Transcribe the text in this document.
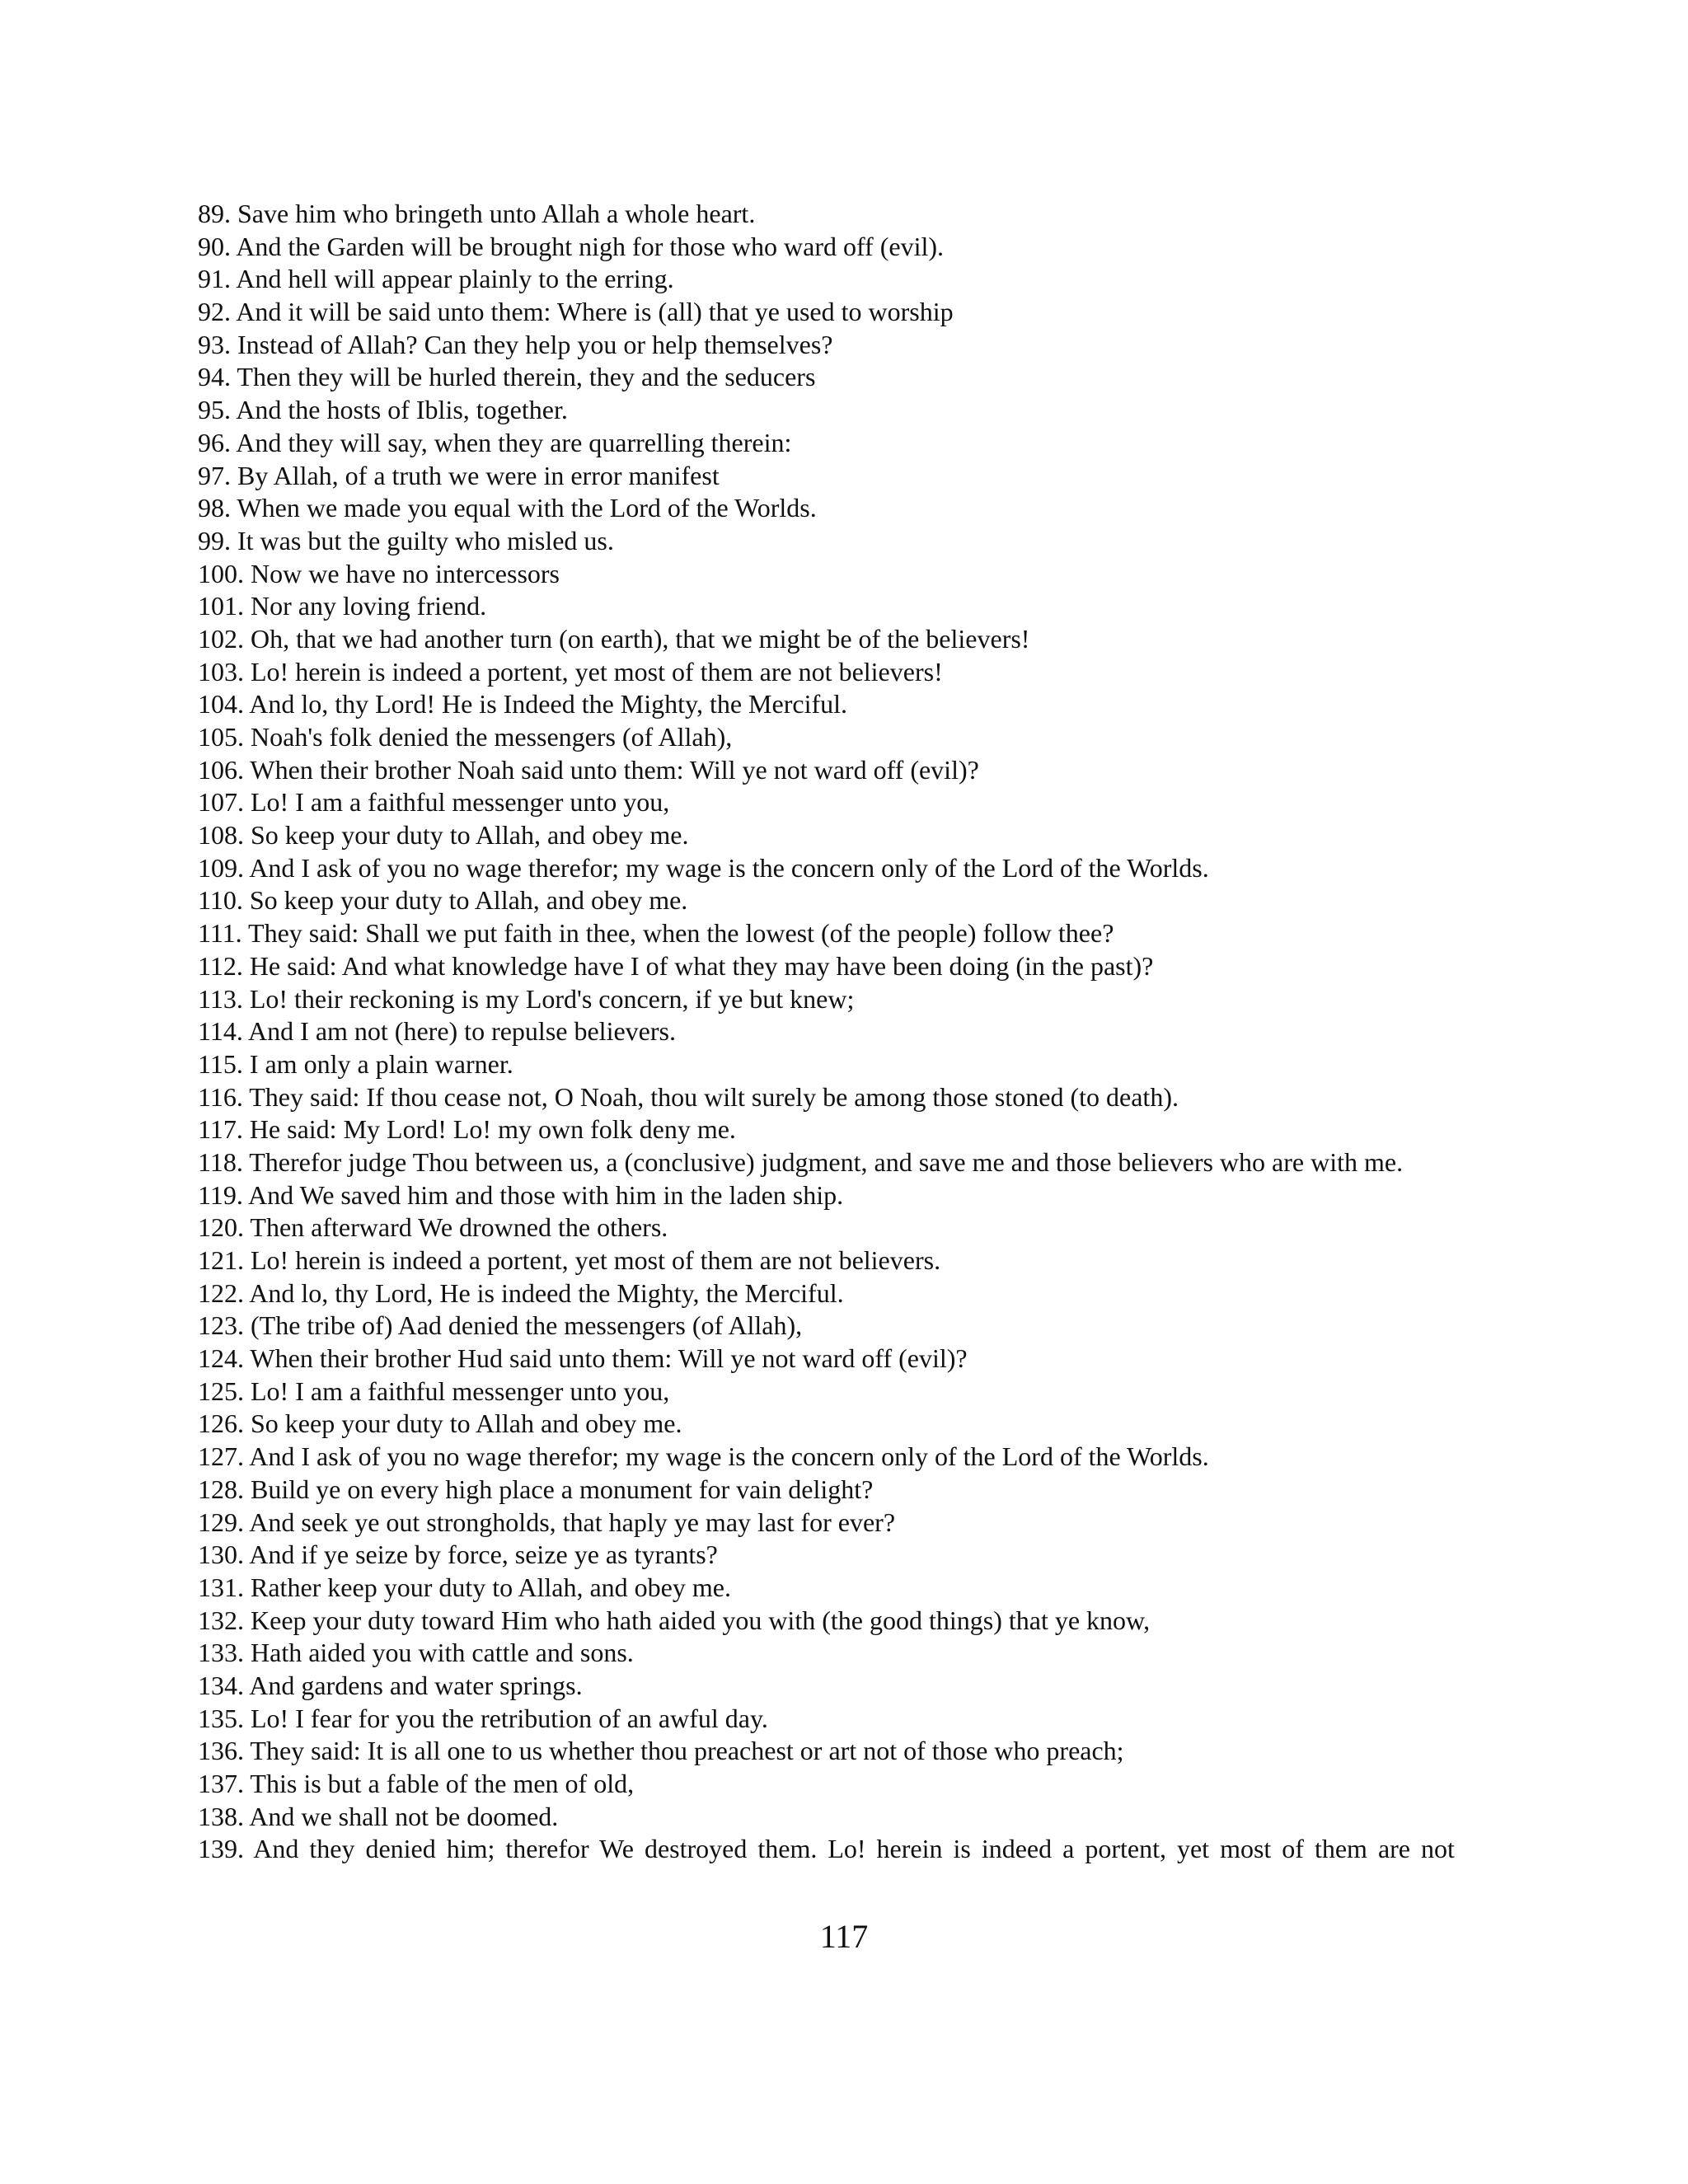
89. Save him who bringeth unto Allah a whole heart.
90. And the Garden will be brought nigh for those who ward off (evil).
91. And hell will appear plainly to the erring.
92. And it will be said unto them: Where is (all) that ye used to worship
93. Instead of Allah? Can they help you or help themselves?
94. Then they will be hurled therein, they and the seducers
95. And the hosts of Iblis, together.
96. And they will say, when they are quarrelling therein:
97. By Allah, of a truth we were in error manifest
98. When we made you equal with the Lord of the Worlds.
99. It was but the guilty who misled us.
100. Now we have no intercessors
101. Nor any loving friend.
102. Oh, that we had another turn (on earth), that we might be of the believers!
103. Lo! herein is indeed a portent, yet most of them are not believers!
104. And lo, thy Lord! He is Indeed the Mighty, the Merciful.
105. Noah's folk denied the messengers (of Allah),
106. When their brother Noah said unto them: Will ye not ward off (evil)?
107. Lo! I am a faithful messenger unto you,
108. So keep your duty to Allah, and obey me.
109. And I ask of you no wage therefor; my wage is the concern only of the Lord of the Worlds.
110. So keep your duty to Allah, and obey me.
111. They said: Shall we put faith in thee, when the lowest (of the people) follow thee?
112. He said: And what knowledge have I of what they may have been doing (in the past)?
113. Lo! their reckoning is my Lord's concern, if ye but knew;
114. And I am not (here) to repulse believers.
115. I am only a plain warner.
116. They said: If thou cease not, O Noah, thou wilt surely be among those stoned (to death).
117. He said: My Lord! Lo! my own folk deny me.
118. Therefor judge Thou between us, a (conclusive) judgment, and save me and those believers who are with me.
119. And We saved him and those with him in the laden ship.
120. Then afterward We drowned the others.
121. Lo! herein is indeed a portent, yet most of them are not believers.
122. And lo, thy Lord, He is indeed the Mighty, the Merciful.
123. (The tribe of) Aad denied the messengers (of Allah),
124. When their brother Hud said unto them: Will ye not ward off (evil)?
125. Lo! I am a faithful messenger unto you,
126. So keep your duty to Allah and obey me.
127. And I ask of you no wage therefor; my wage is the concern only of the Lord of the Worlds.
128. Build ye on every high place a monument for vain delight?
129. And seek ye out strongholds, that haply ye may last for ever?
130. And if ye seize by force, seize ye as tyrants?
131. Rather keep your duty to Allah, and obey me.
132. Keep your duty toward Him who hath aided you with (the good things) that ye know,
133. Hath aided you with cattle and sons.
134. And gardens and water springs.
135. Lo! I fear for you the retribution of an awful day.
136. They said: It is all one to us whether thou preachest or art not of those who preach;
137. This is but a fable of the men of old,
138. And we shall not be doomed.
139. And they denied him; therefor We destroyed them. Lo! herein is indeed a portent, yet most of them are not
117
